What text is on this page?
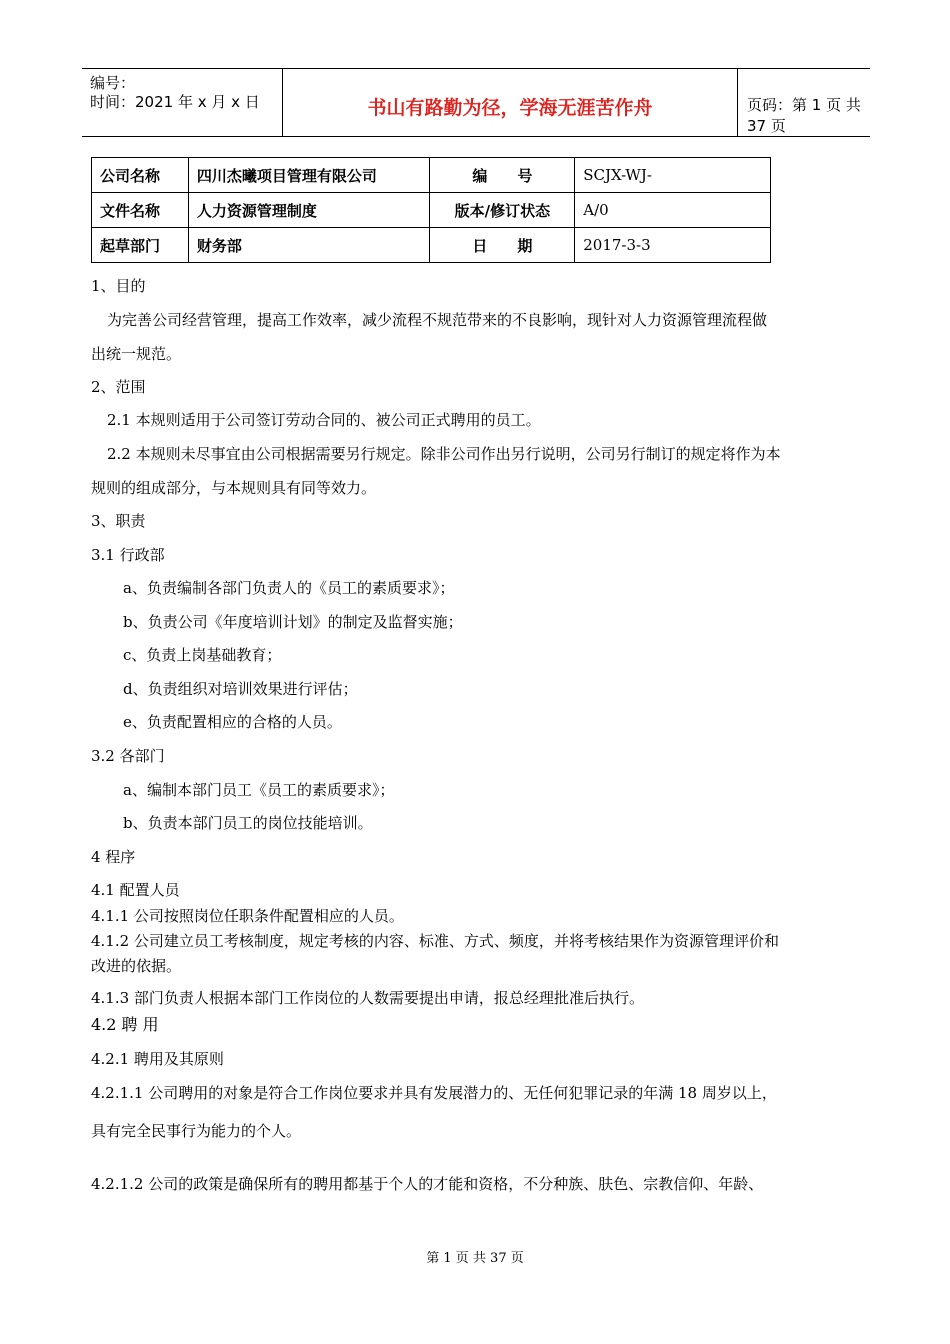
编号：
时间：2021 年 x 月 x 日	书山有路勤为径，学海无涯苦作舟	页码：第 1 页 共 37 页
公司名称	四川杰曦项目管理有限公司	编　　号	SCJX-WJ-
文件名称	人力资源管理制度	版本/修订状态	A/0
起草部门	财务部	日　　期	2017-3-3
1、目的
为完善公司经营管理，提高工作效率，减少流程不规范带来的不良影响，现针对人力资源管理流程做
出统一规范。
2、范围
2.1 本规则适用于公司签订劳动合同的、被公司正式聘用的员工。
2.2 本规则未尽事宜由公司根据需要另行规定。除非公司作出另行说明，公司另行制订的规定将作为本
规则的组成部分，与本规则具有同等效力。
3、职责
3.1 行政部
a、负责编制各部门负责人的《员工的素质要求》；
b、负责公司《年度培训计划》的制定及监督实施；
c、负责上岗基础教育；
d、负责组织对培训效果进行评估；
e、负责配置相应的合格的人员。
3.2 各部门
a、编制本部门员工《员工的素质要求》；
b、负责本部门员工的岗位技能培训。
4 程序
4.1 配置人员
4.1.1 公司按照岗位任职条件配置相应的人员。
4.1.2 公司建立员工考核制度，规定考核的内容、标准、方式、频度，并将考核结果作为资源管理评价和
改进的依据。
4.1.3 部门负责人根据本部门工作岗位的人数需要提出申请，报总经理批准后执行。
4.2 聘 用
4.2.1 聘用及其原则
4.2.1.1 公司聘用的对象是符合工作岗位要求并具有发展潜力的、无任何犯罪记录的年满 18 周岁以上，
具有完全民事行为能力的个人。
4.2.1.2 公司的政策是确保所有的聘用都基于个人的才能和资格，不分种族、肤色、宗教信仰、年龄、
第 1 页 共 37 页
